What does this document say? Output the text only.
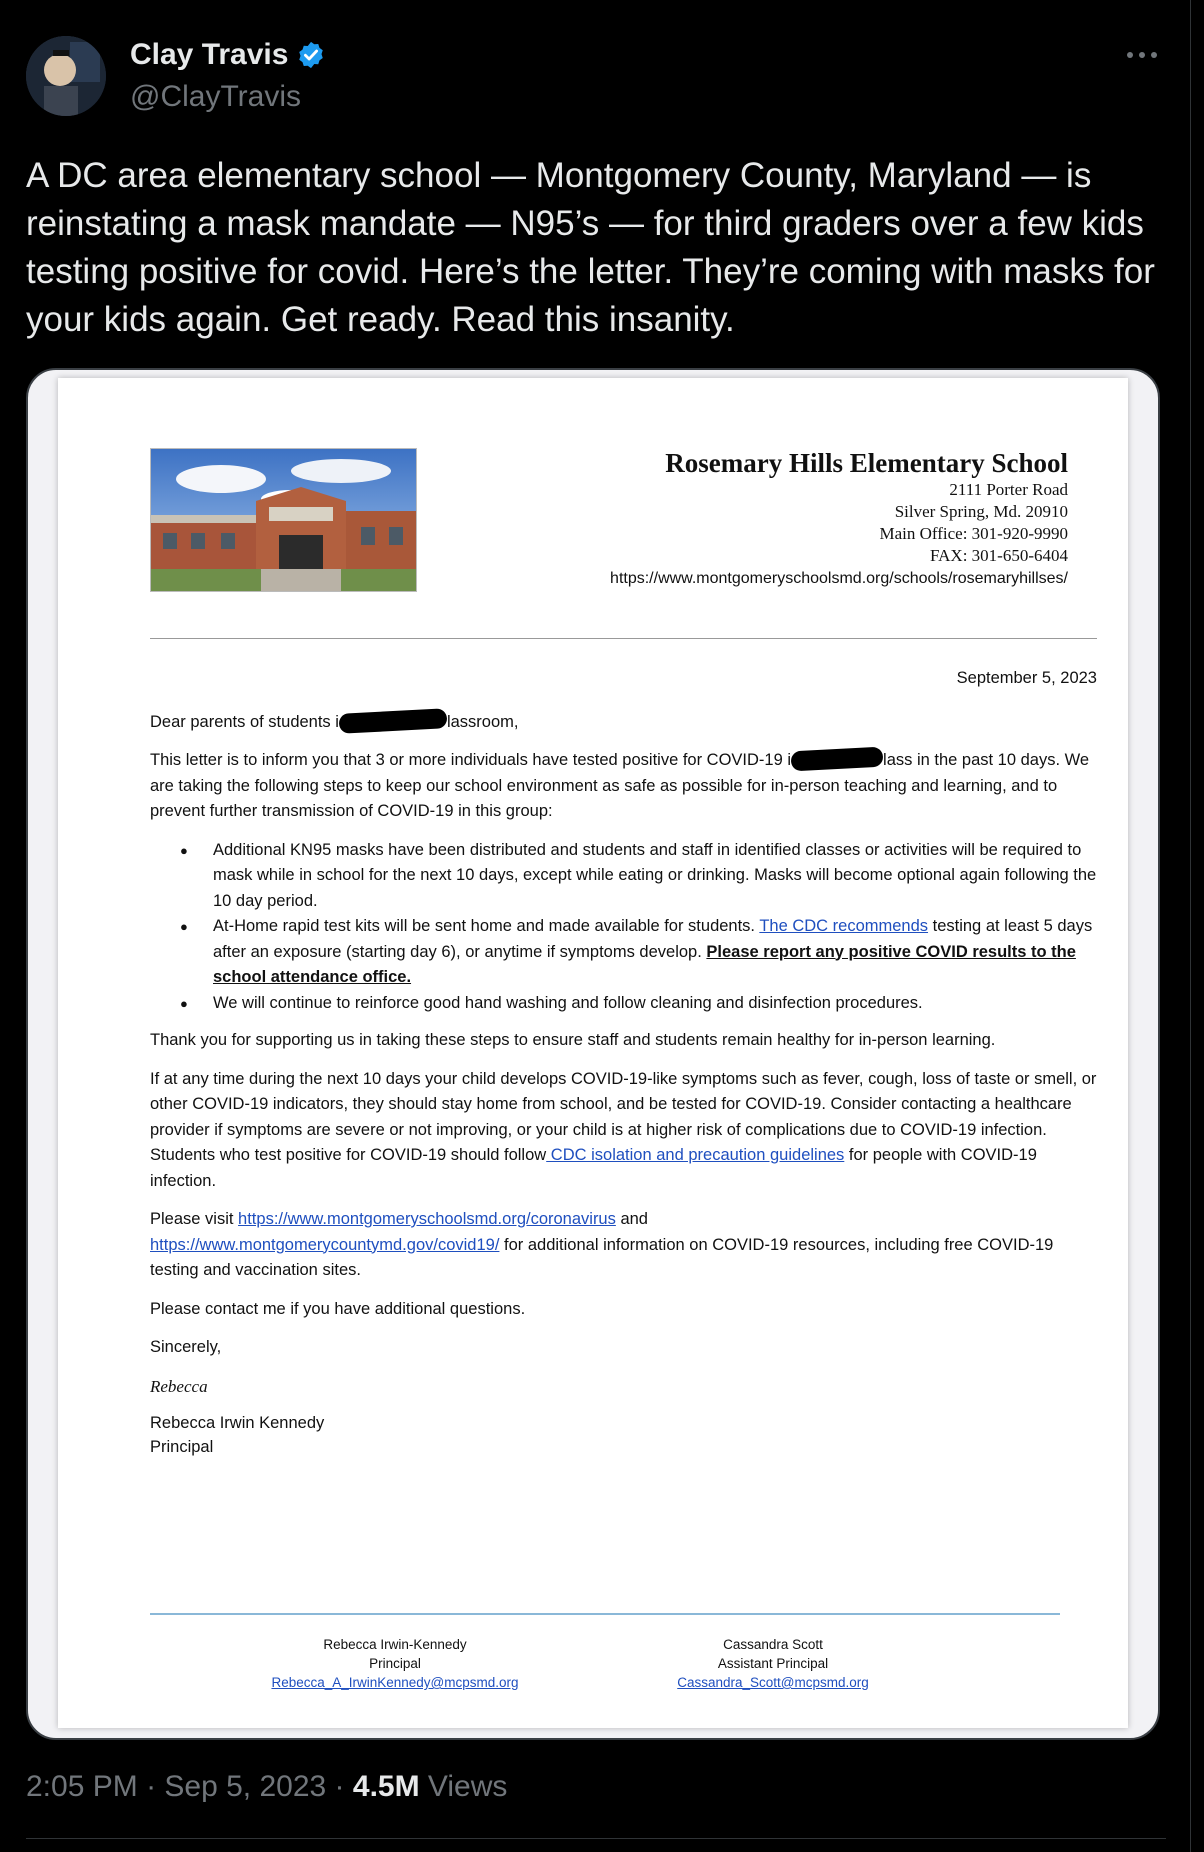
Clay Travis
@ClayTravis
A DC area elementary school — Montgomery County, Maryland — is reinstating a mask mandate — N95’s — for third graders over a few kids testing positive for covid. Here’s the letter. They’re coming with masks for your kids again. Get ready. Read this insanity.
Rosemary Hills Elementary School
2111 Porter Road
Silver Spring, Md. 20910
Main Office: 301-920-9990
FAX: 301-650-6404
https://www.montgomeryschoolsmd.org/schools/rosemaryhillses/
September 5, 2023

Dear parents of students i	lassroom,

This letter is to inform you that 3 or more individuals have tested positive for COVID-19 i	lass in the past 10 days. We are taking the following steps to keep our school environment as safe as possible for in-person teaching and learning, and to prevent further transmission of COVID-19 in this group:

● Additional KN95 masks have been distributed and students and staff in identified classes or activities will be required to mask while in school for the next 10 days, except while eating or drinking. Masks will become optional again following the 10 day period.
● At-Home rapid test kits will be sent home and made available for students. The CDC recommends testing at least 5 days after an exposure (starting day 6), or anytime if symptoms develop. Please report any positive COVID results to the school attendance office.
● We will continue to reinforce good hand washing and follow cleaning and disinfection procedures.

Thank you for supporting us in taking these steps to ensure staff and students remain healthy for in-person learning.

If at any time during the next 10 days your child develops COVID-19-like symptoms such as fever, cough, loss of taste or smell, or other COVID-19 indicators, they should stay home from school, and be tested for COVID-19. Consider contacting a healthcare provider if symptoms are severe or not improving, or your child is at higher risk of complications due to COVID-19 infection. Students who test positive for COVID-19 should follow CDC isolation and precaution guidelines for people with COVID-19 infection.

Please visit https://www.montgomeryschoolsmd.org/coronavirus and
https://www.montgomerycountymd.gov/covid19/ for additional information on COVID-19 resources, including free COVID-19 testing and vaccination sites.

Please contact me if you have additional questions.

Sincerely,

Rebecca
Rebecca Irwin Kennedy
Principal
Rebecca Irwin-Kennedy
Principal
Rebecca_A_IrwinKennedy@mcpsmd.org
Cassandra Scott
Assistant Principal
Cassandra_Scott@mcpsmd.org
2:05 PM · Sep 5, 2023 · 4.5M Views
